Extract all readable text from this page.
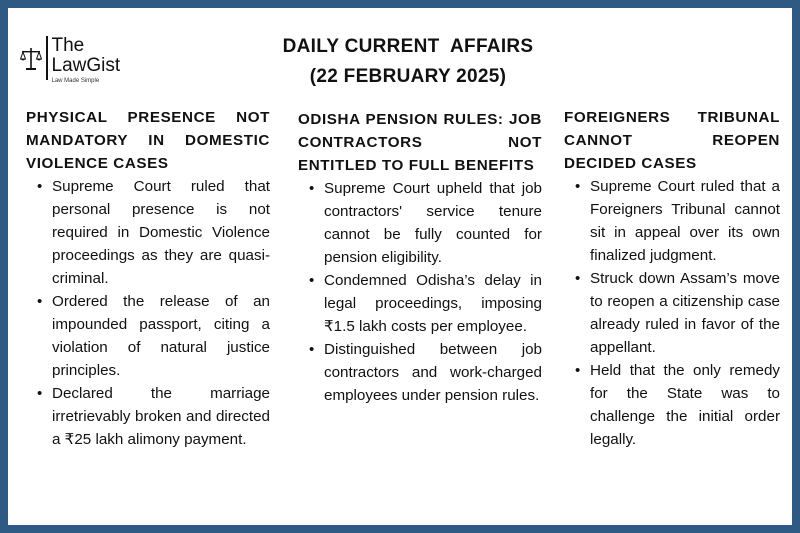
The
LawGist
Law Made Simple
DAILY CURRENT  AFFAIRS
(22 FEBRUARY 2025)
PHYSICAL PRESENCE NOT MANDATORY IN DOMESTIC VIOLENCE CASES
• Supreme Court ruled that personal presence is not required in Domestic Violence proceedings as they are quasi-criminal.
• Ordered the release of an impounded passport, citing a violation of natural justice principles.
• Declared the marriage irretrievably broken and directed a ₹25 lakh alimony payment.
ODISHA PENSION RULES: JOB CONTRACTORS NOT ENTITLED TO FULL BENEFITS
• Supreme Court upheld that job contractors' service tenure cannot be fully counted for pension eligibility.
• Condemned Odisha’s delay in legal proceedings, imposing ₹1.5 lakh costs per employee.
• Distinguished between job contractors and work-charged employees under pension rules.
FOREIGNERS TRIBUNAL CANNOT REOPEN DECIDED CASES
• Supreme Court ruled that a Foreigners Tribunal cannot sit in appeal over its own finalized judgment.
• Struck down Assam’s move to reopen a citizenship case already ruled in favor of the appellant.
• Held that the only remedy for the State was to challenge the initial order legally.
